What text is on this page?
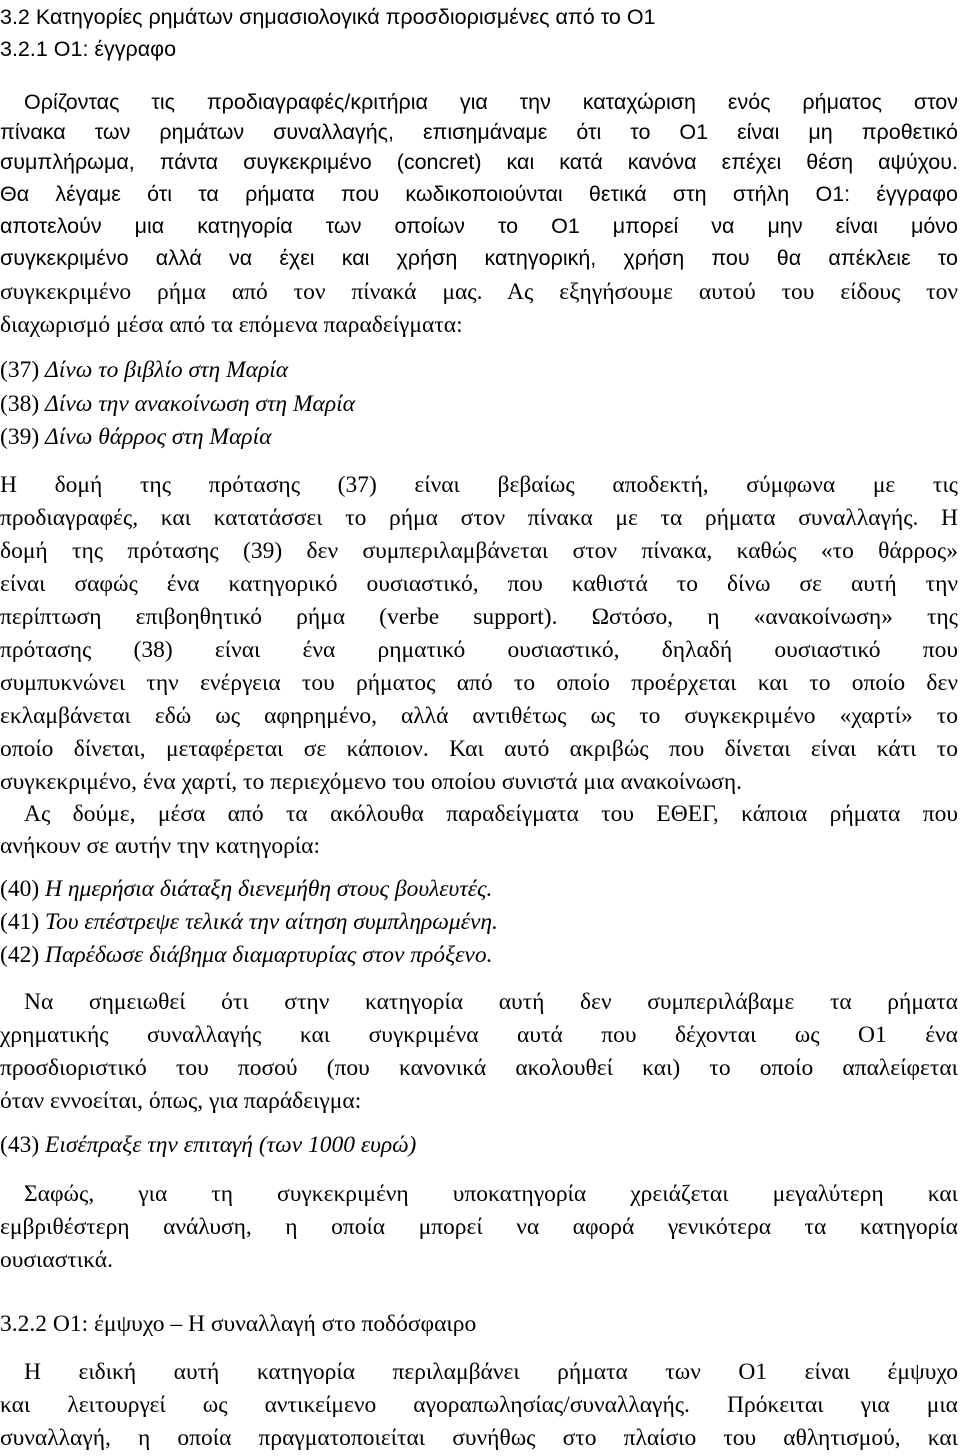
3.2 Κατηγορίες ρημάτων σημασιολογικά προσδιορισμένες από το Ο1

3.2.1 Ο1: έγγραφο

Ορίζοντας τις προδιαγραφές/κριτήρια για την καταχώριση ενός ρήματος στον

πίνακα των ρημάτων συναλλαγής, επισημάναμε ότι το Ο1 είναι μη προθετικό

συμπλήρωμα, πάντα συγκεκριμένο (concret) και κατά κανόνα επέχει θέση αψύχου.

Θα λέγαμε ότι τα ρήματα που κωδικοποιούνται θετικά στη στήλη Ο1: έγγραφο

αποτελούν μια κατηγορία των οποίων το Ο1 μπορεί να μην είναι μόνο

συγκεκριμένο αλλά να έχει και χρήση κατηγορική, χρήση που θα απέκλειε το

συγκεκριμένο ρήμα από τον πίνακά μας. Ας εξηγήσουμε αυτού του είδους τον

διαχωρισμό μέσα από τα επόμενα παραδείγματα:

(37) Δίνω το βιβλίο στη Μαρία

(38) Δίνω την ανακοίνωση στη Μαρία

(39) Δίνω θάρρος στη Μαρία

Η δομή της πρότασης (37) είναι βεβαίως αποδεκτή, σύμφωνα με τις

προδιαγραφές, και κατατάσσει το ρήμα στον πίνακα με τα ρήματα συναλλαγής. Η

δομή της πρότασης (39) δεν συμπεριλαμβάνεται στον πίνακα, καθώς «το θάρρος»

είναι σαφώς ένα κατηγορικό ουσιαστικό, που καθιστά το δίνω σε αυτή την

περίπτωση επιβοηθητικό ρήμα (verbe support). Ωστόσο, η «ανακοίνωση» της

πρότασης (38) είναι ένα ρηματικό ουσιαστικό, δηλαδή ουσιαστικό που

συμπυκνώνει την ενέργεια του ρήματος από το οποίο προέρχεται και το οποίο δεν

εκλαμβάνεται εδώ ως αφηρημένο, αλλά αντιθέτως ως το συγκεκριμένο «χαρτί» το

οποίο δίνεται, μεταφέρεται σε κάποιον. Και αυτό ακριβώς που δίνεται είναι κάτι το

συγκεκριμένο, ένα χαρτί, το περιεχόμενο του οποίου συνιστά μια ανακοίνωση.

Ας δούμε, μέσα από τα ακόλουθα παραδείγματα του ΕΘΕΓ, κάποια ρήματα που

ανήκουν σε αυτήν την κατηγορία:

(40) Η ημερήσια διάταξη διενεμήθη στους βουλευτές.

(41) Του επέστρεψε τελικά την αίτηση συμπληρωμένη.

(42) Παρέδωσε διάβημα διαμαρτυρίας στον πρόξενο.

Να σημειωθεί ότι στην κατηγορία αυτή δεν συμπεριλάβαμε τα ρήματα

χρηματικής συναλλαγής και συγκριμένα αυτά που δέχονται ως Ο1 ένα

προσδιοριστικό του ποσού (που κανονικά ακολουθεί και) το οποίο απαλείφεται

όταν εννοείται, όπως, για παράδειγμα:

(43) Εισέπραξε την επιταγή (των 1000 ευρώ)

Σαφώς, για τη συγκεκριμένη υποκατηγορία χρειάζεται μεγαλύτερη και

εμβριθέστερη ανάλυση, η οποία μπορεί να αφορά γενικότερα τα κατηγορία

ουσιαστικά.

3.2.2 Ο1: έμψυχο – Η συναλλαγή στο ποδόσφαιρο

Η ειδική αυτή κατηγορία περιλαμβάνει ρήματα των Ο1 είναι έμψυχο

και λειτουργεί ως αντικείμενο αγοραπωλησίας/συναλλαγής. Πρόκειται για μια

συναλλαγή, η οποία πραγματοποιείται συνήθως στο πλαίσιο του αθλητισμού, και
